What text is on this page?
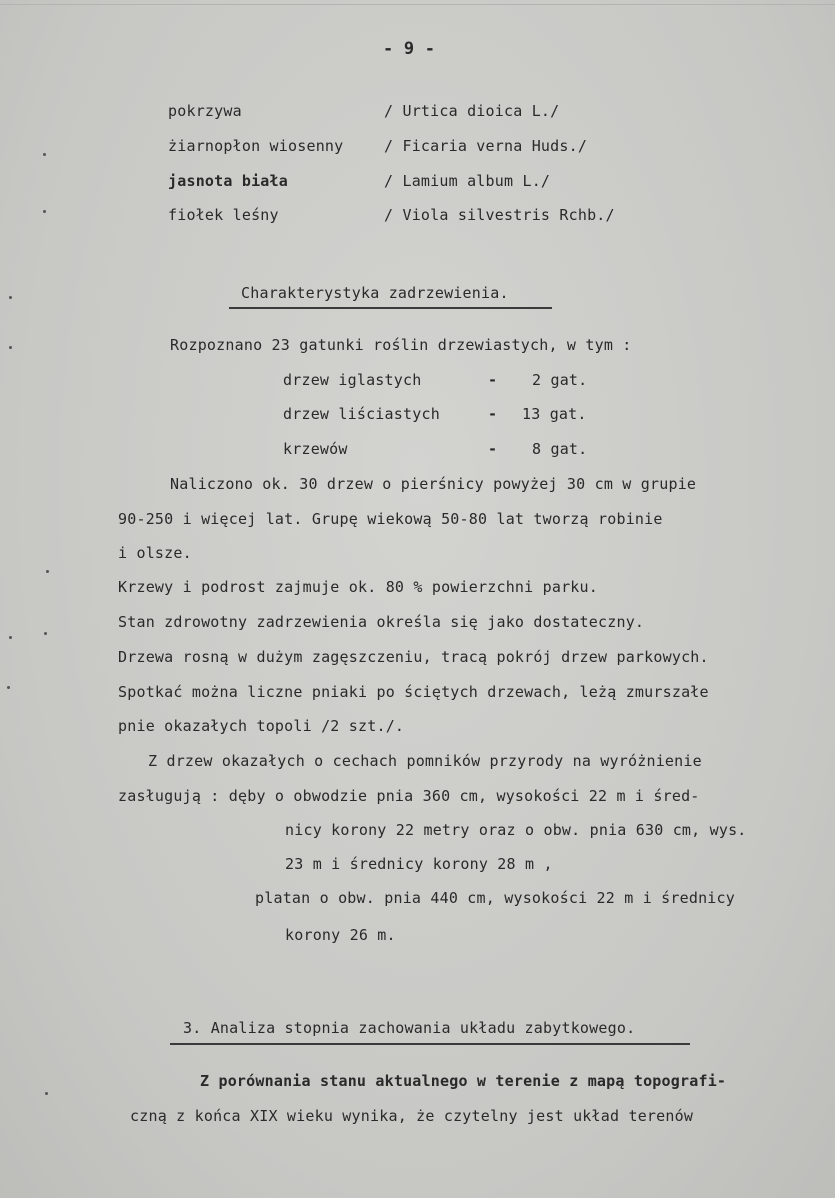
- 9 -
pokrzywa	/ Urtica dioica L./
żiarnopłon wiosenny	/ Ficaria verna Huds./
jasnota biała	/ Lamium album L./
fiołek leśny	/ Viola silvestris Rchb./
Charakterystyka zadrzewienia.
Rozpoznano 23 gatunki roślin drzewiastych, w tym :
drzew iglastych	- 2 gat.
drzew liściastych	- 13 gat.
krzewów	- 8 gat.
Naliczono ok. 30 drzew o pierśnicy powyżej 30 cm w grupie
90-250 i więcej lat. Grupę wiekową 50-80 lat tworzą robinie
i olsze.
Krzewy i podrost zajmuje ok. 80 % powierzchni parku.
Stan zdrowotny zadrzewienia określa się jako dostateczny.
Drzewa rosną w dużym zagęszczeniu, tracą pokrój drzew parkowych.
Spotkać można liczne pniaki po ściętych drzewach, leżą zmurszałe
pnie okazałych topoli /2 szt./.
Z drzew okazałych o cechach pomników przyrody na wyróżnienie
zasługują : dęby o obwodzie pnia 360 cm, wysokości 22 m i śred-
nicy korony 22 metry oraz o obw. pnia 630 cm, wys.
23 m i średnicy korony 28 m ,
platan o obw. pnia 440 cm, wysokości 22 m i średnicy
korony 26 m.
3. Analiza stopnia zachowania układu zabytkowego.
Z porównania stanu aktualnego w terenie z mapą topografi-
czną z końca XIX wieku wynika, że czytelny jest układ terenów
